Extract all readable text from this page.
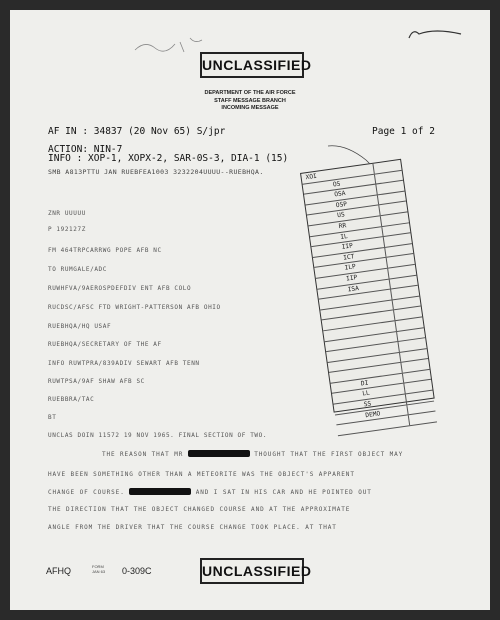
UNCLASSIFIED
DEPARTMENT OF THE AIR FORCE
STAFF MESSAGE BRANCH
INCOMING MESSAGE
AF IN : 34837 (20 Nov 65) S/jpr	Page 1 of 2
ACTION: NIN-7
INFO : XOP-1, XOPX-2, SAR-0S-3, DIA-1 (15)
SMB A813PTTU JAN RUEBFEA1003 3232204UUUU--RUEBHQA.
ZNR UUUUU
P 192127Z
FM 464TRPCARRWG POPE AFB NC
TO RUMGALE/ADC
RUWHFVA/9AEROSPDEFDIV ENT AFB COLO
RUCDSC/AFSC FTD WRIGHT-PATTERSON AFB OHIO
RUEBHQA/HQ USAF
RUEBHQA/SECRETARY OF THE AF
INFO RUWTPRA/839ADIV SEWART AFB TENN
RUWTPSA/9AF SHAW AFB SC
RUEBBRA/TAC
BT
UNCLAS DOIN 11572 19 NOV 1965. FINAL SECTION OF TWO.
THE REASON THAT MR	THOUGHT THAT THE FIRST OBJECT MAY
HAVE BEEN SOMETHING OTHER THAN A METEORITE WAS THE OBJECT'S APPARENT
CHANGE OF COURSE.	AND I SAT IN HIS CAR AND HE POINTED OUT
THE DIRECTION THAT THE OBJECT CHANGED COURSE AND AT THE APPROXIMATE
ANGLE FROM THE DRIVER THAT THE COURSE CHANGE TOOK PLACE. AT THAT
XOI
OS
OSA
OSP
US
RR
IL
IIP
ICT
ILP
IIP
ISA
DI
LL
SS
DEMO
AFHQ	FORM
JAN 63 0-309C	UNCLASSIFIED
